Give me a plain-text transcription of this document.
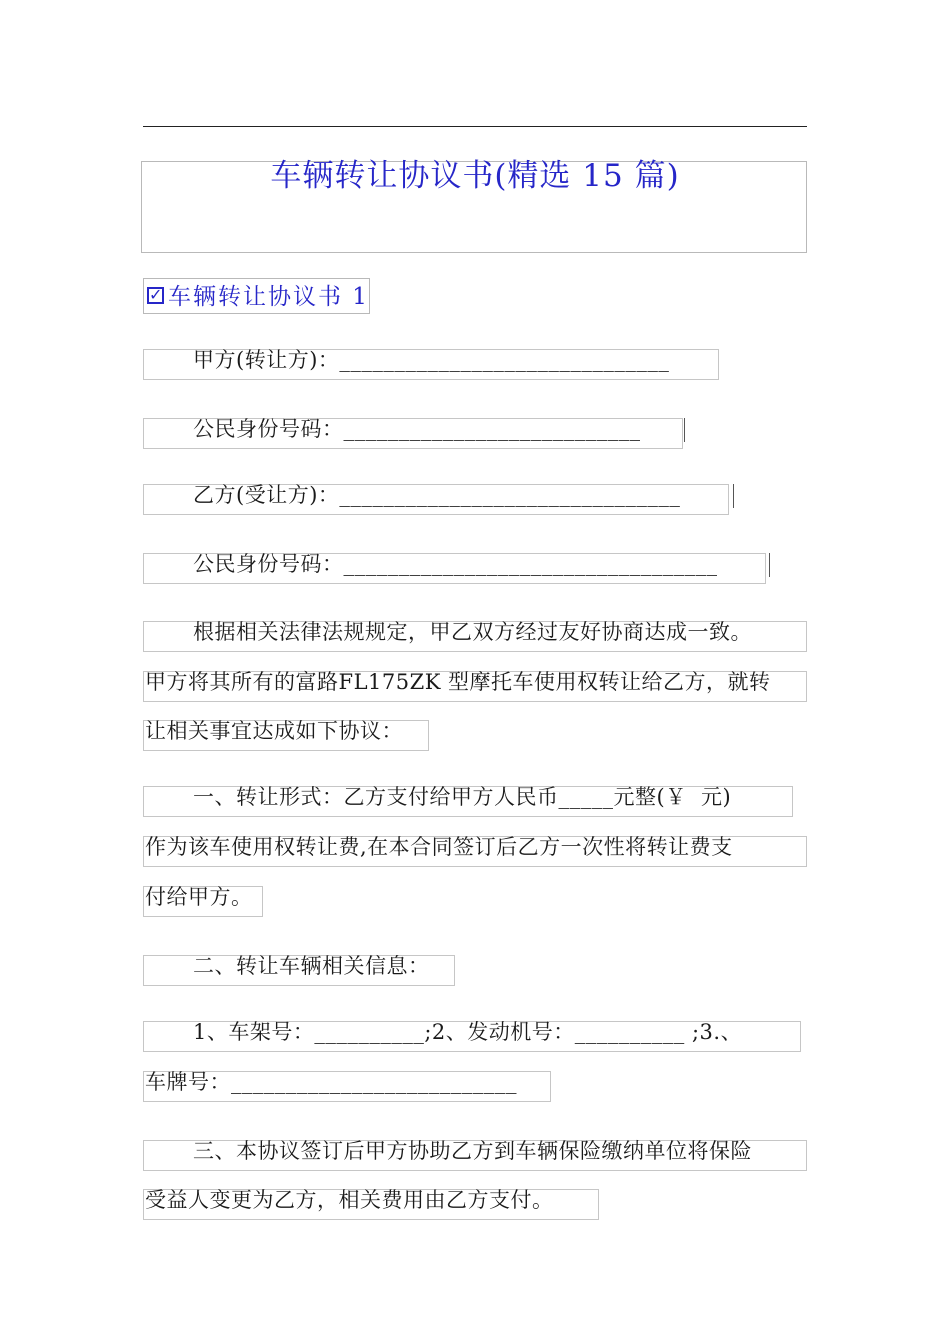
车辆转让协议书(精选 15 篇)
✓ 车辆转让协议书 1
甲方(转让方)：______________________________
公民身份号码：___________________________
乙方(受让方)：_______________________________
公民身份号码：__________________________________
根据相关法律法规规定，甲乙双方经过友好协商达成一致。
甲方将其所有的富路FL175ZK 型摩托车使用权转让给乙方，就转
让相关事宜达成如下协议：
一、转让形式：乙方支付给甲方人民币_____元整(￥  元)
作为该车使用权转让费,在本合同签订后乙方一次性将转让费支
付给甲方。
二、转让车辆相关信息：
1、车架号：__________;2、发动机号：__________ ;3.、
车牌号：__________________________
三、本协议签订后甲方协助乙方到车辆保险缴纳单位将保险
受益人变更为乙方，相关费用由乙方支付。
